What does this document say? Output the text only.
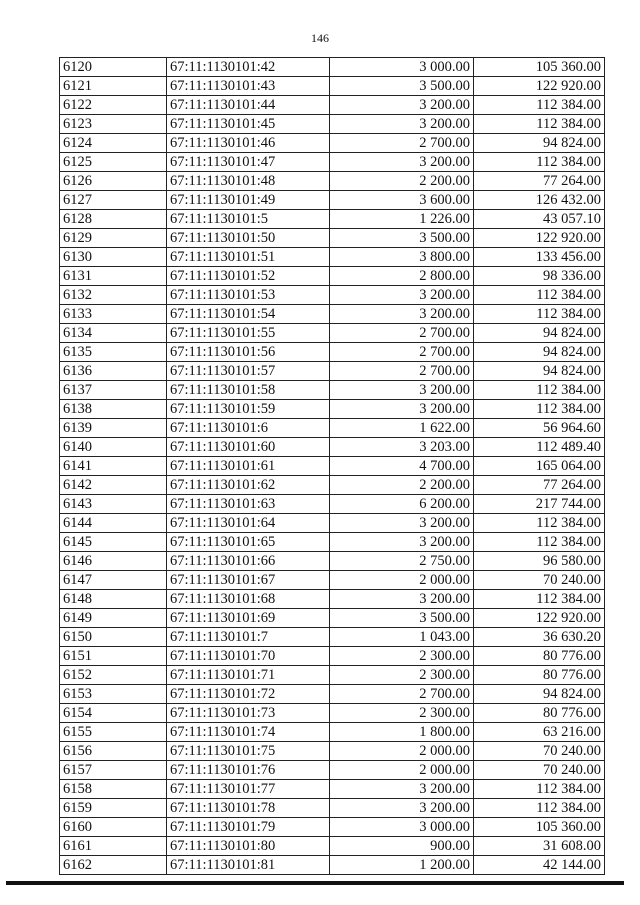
146
6120	67:11:1130101:42	3 000.00	105 360.00
6121	67:11:1130101:43	3 500.00	122 920.00
6122	67:11:1130101:44	3 200.00	112 384.00
6123	67:11:1130101:45	3 200.00	112 384.00
6124	67:11:1130101:46	2 700.00	94 824.00
6125	67:11:1130101:47	3 200.00	112 384.00
6126	67:11:1130101:48	2 200.00	77 264.00
6127	67:11:1130101:49	3 600.00	126 432.00
6128	67:11:1130101:5	1 226.00	43 057.10
6129	67:11:1130101:50	3 500.00	122 920.00
6130	67:11:1130101:51	3 800.00	133 456.00
6131	67:11:1130101:52	2 800.00	98 336.00
6132	67:11:1130101:53	3 200.00	112 384.00
6133	67:11:1130101:54	3 200.00	112 384.00
6134	67:11:1130101:55	2 700.00	94 824.00
6135	67:11:1130101:56	2 700.00	94 824.00
6136	67:11:1130101:57	2 700.00	94 824.00
6137	67:11:1130101:58	3 200.00	112 384.00
6138	67:11:1130101:59	3 200.00	112 384.00
6139	67:11:1130101:6	1 622.00	56 964.60
6140	67:11:1130101:60	3 203.00	112 489.40
6141	67:11:1130101:61	4 700.00	165 064.00
6142	67:11:1130101:62	2 200.00	77 264.00
6143	67:11:1130101:63	6 200.00	217 744.00
6144	67:11:1130101:64	3 200.00	112 384.00
6145	67:11:1130101:65	3 200.00	112 384.00
6146	67:11:1130101:66	2 750.00	96 580.00
6147	67:11:1130101:67	2 000.00	70 240.00
6148	67:11:1130101:68	3 200.00	112 384.00
6149	67:11:1130101:69	3 500.00	122 920.00
6150	67:11:1130101:7	1 043.00	36 630.20
6151	67:11:1130101:70	2 300.00	80 776.00
6152	67:11:1130101:71	2 300.00	80 776.00
6153	67:11:1130101:72	2 700.00	94 824.00
6154	67:11:1130101:73	2 300.00	80 776.00
6155	67:11:1130101:74	1 800.00	63 216.00
6156	67:11:1130101:75	2 000.00	70 240.00
6157	67:11:1130101:76	2 000.00	70 240.00
6158	67:11:1130101:77	3 200.00	112 384.00
6159	67:11:1130101:78	3 200.00	112 384.00
6160	67:11:1130101:79	3 000.00	105 360.00
6161	67:11:1130101:80	900.00	31 608.00
6162	67:11:1130101:81	1 200.00	42 144.00
